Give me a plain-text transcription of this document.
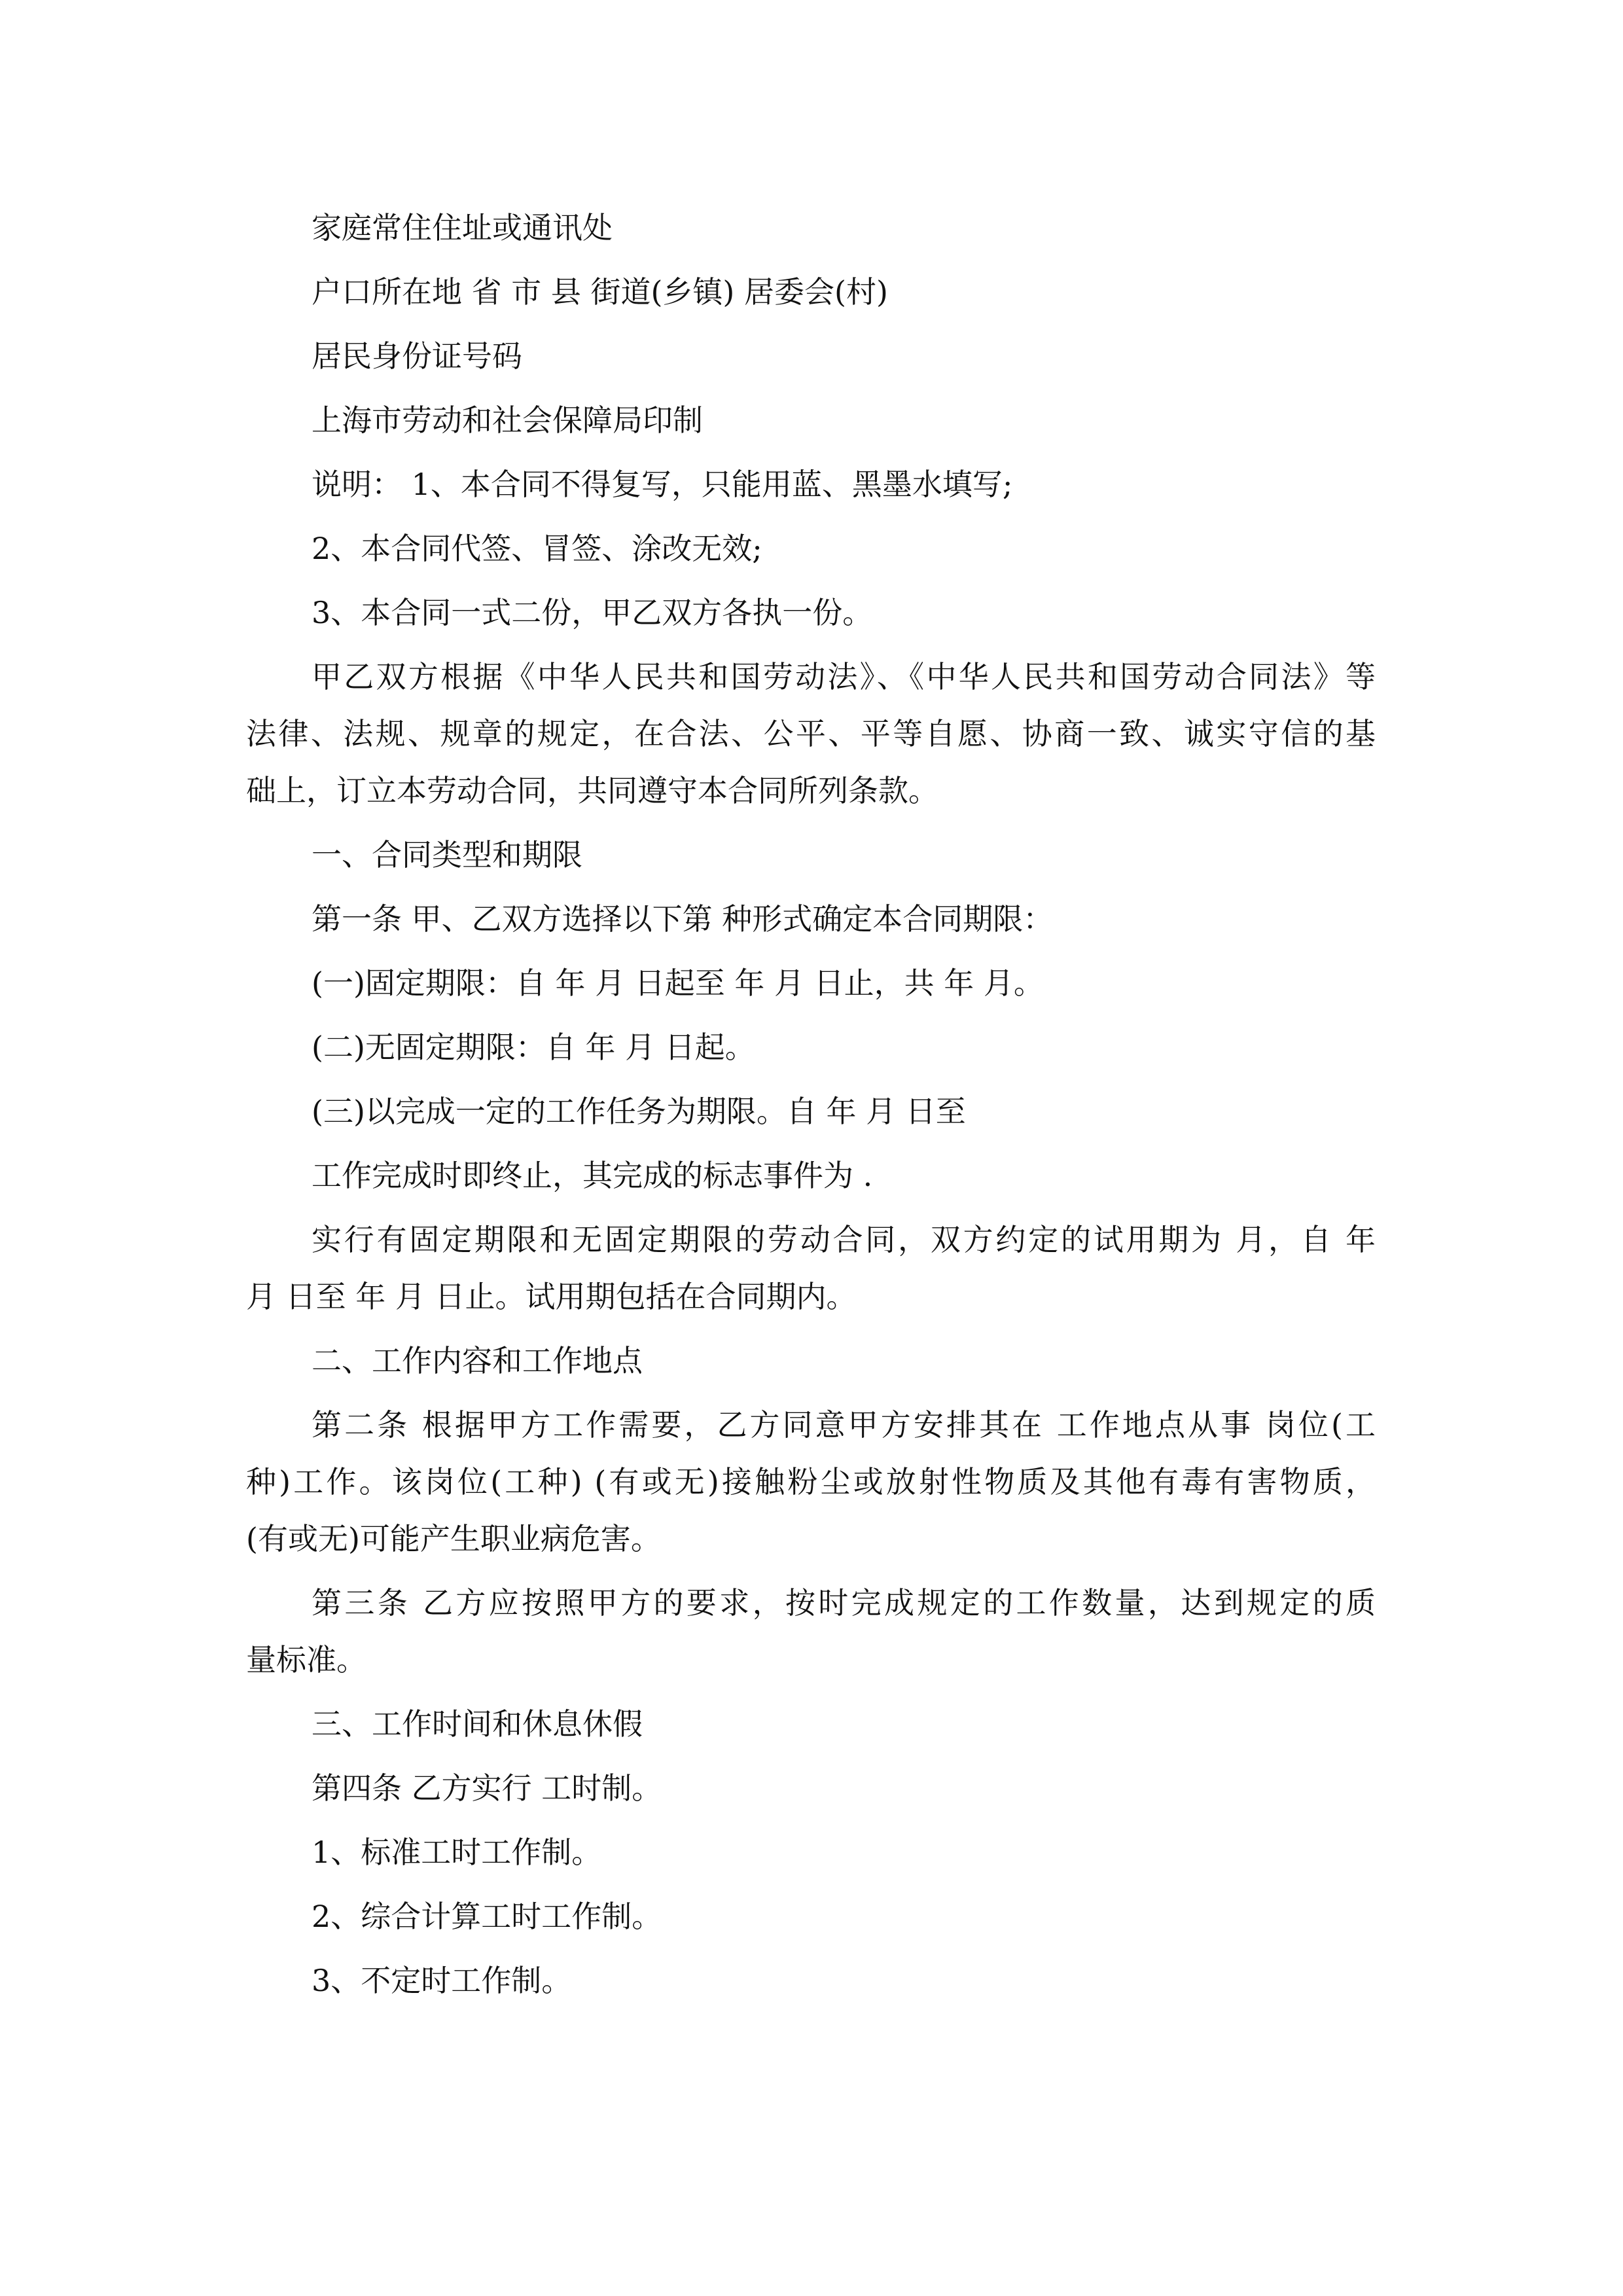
家庭常住住址或通讯处

户口所在地 省 市 县 街道(乡镇) 居委会(村)

居民身份证号码

上海市劳动和社会保障局印制

说明： 1、本合同不得复写，只能用蓝、黑墨水填写;

2、本合同代签、冒签、涂改无效;

3、本合同一式二份，甲乙双方各执一份。

甲乙双方根据《中华人民共和国劳动法》、《中华人民共和国劳动合同法》等

法律、法规、规章的规定，在合法、公平、平等自愿、协商一致、诚实守信的基

础上，订立本劳动合同，共同遵守本合同所列条款。

一、合同类型和期限

第一条 甲、乙双方选择以下第 种形式确定本合同期限：

(一)固定期限：自 年 月 日起至 年 月 日止，共 年 月。

(二)无固定期限：自 年 月 日起。

(三)以完成一定的工作任务为期限。自 年 月 日至

工作完成时即终止，其完成的标志事件为 .

实行有固定期限和无固定期限的劳动合同，双方约定的试用期为 月，自 年

月 日至 年 月 日止。试用期包括在合同期内。

二、工作内容和工作地点

第二条 根据甲方工作需要，乙方同意甲方安排其在 工作地点从事 岗位(工

种)工作。该岗位(工种) (有或无)接触粉尘或放射性物质及其他有毒有害物质，

(有或无)可能产生职业病危害。

第三条 乙方应按照甲方的要求，按时完成规定的工作数量，达到规定的质

量标准。

三、工作时间和休息休假

第四条 乙方实行 工时制。

1、标准工时工作制。

2、综合计算工时工作制。

3、不定时工作制。
